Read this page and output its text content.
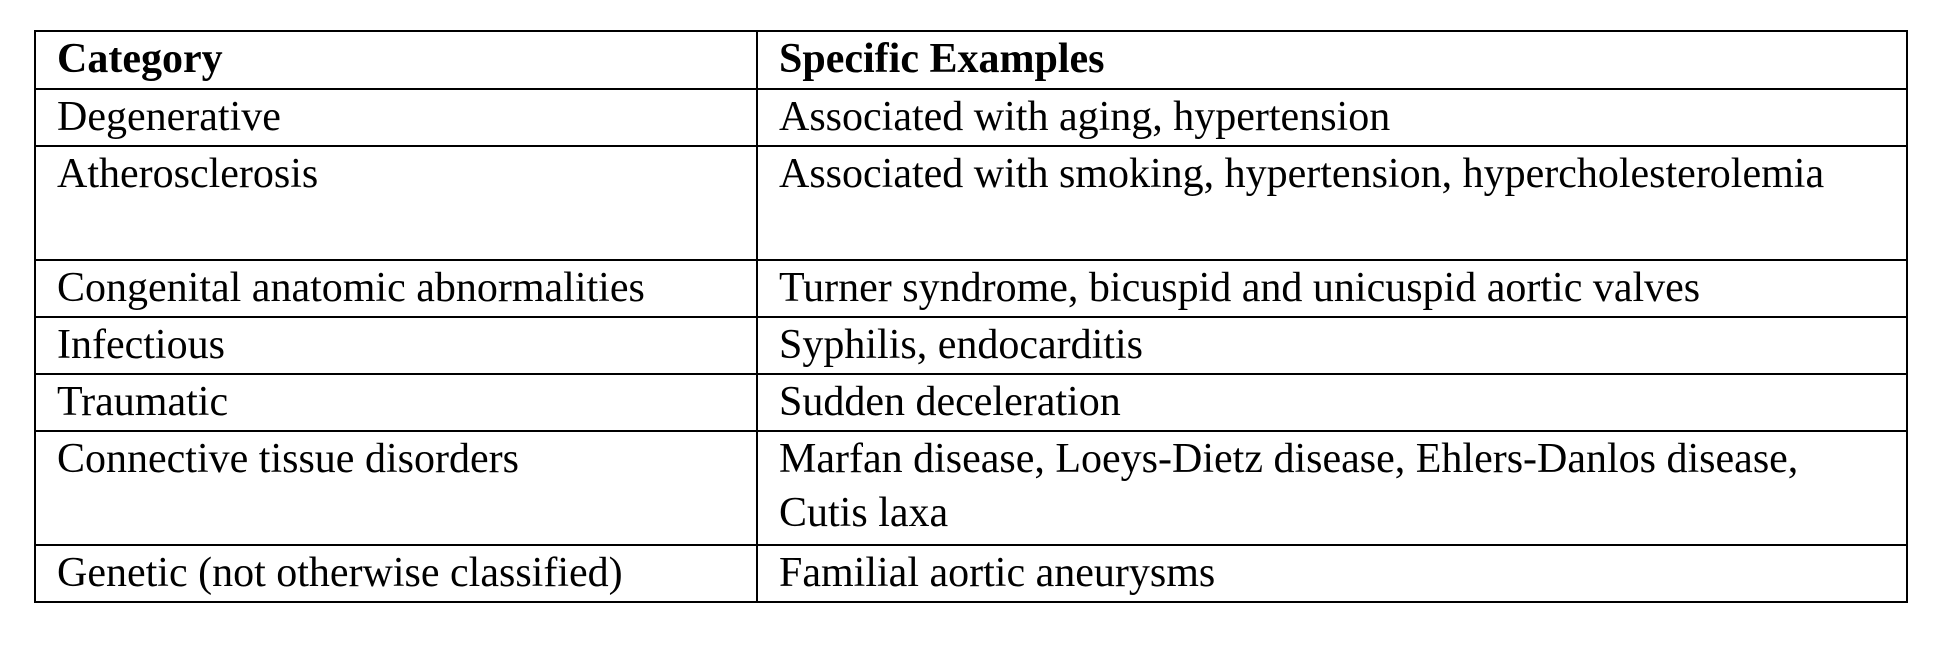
Category	Specific Examples
Degenerative	Associated with aging, hypertension
Atherosclerosis	Associated with smoking, hypertension, hypercholesterolemia
Congenital anatomic abnormalities	Turner syndrome, bicuspid and unicuspid aortic valves
Infectious	Syphilis, endocarditis
Traumatic	Sudden deceleration
Connective tissue disorders	Marfan disease, Loeys-Dietz disease, Ehlers-Danlos disease, Cutis laxa
Genetic (not otherwise classified)	Familial aortic aneurysms
